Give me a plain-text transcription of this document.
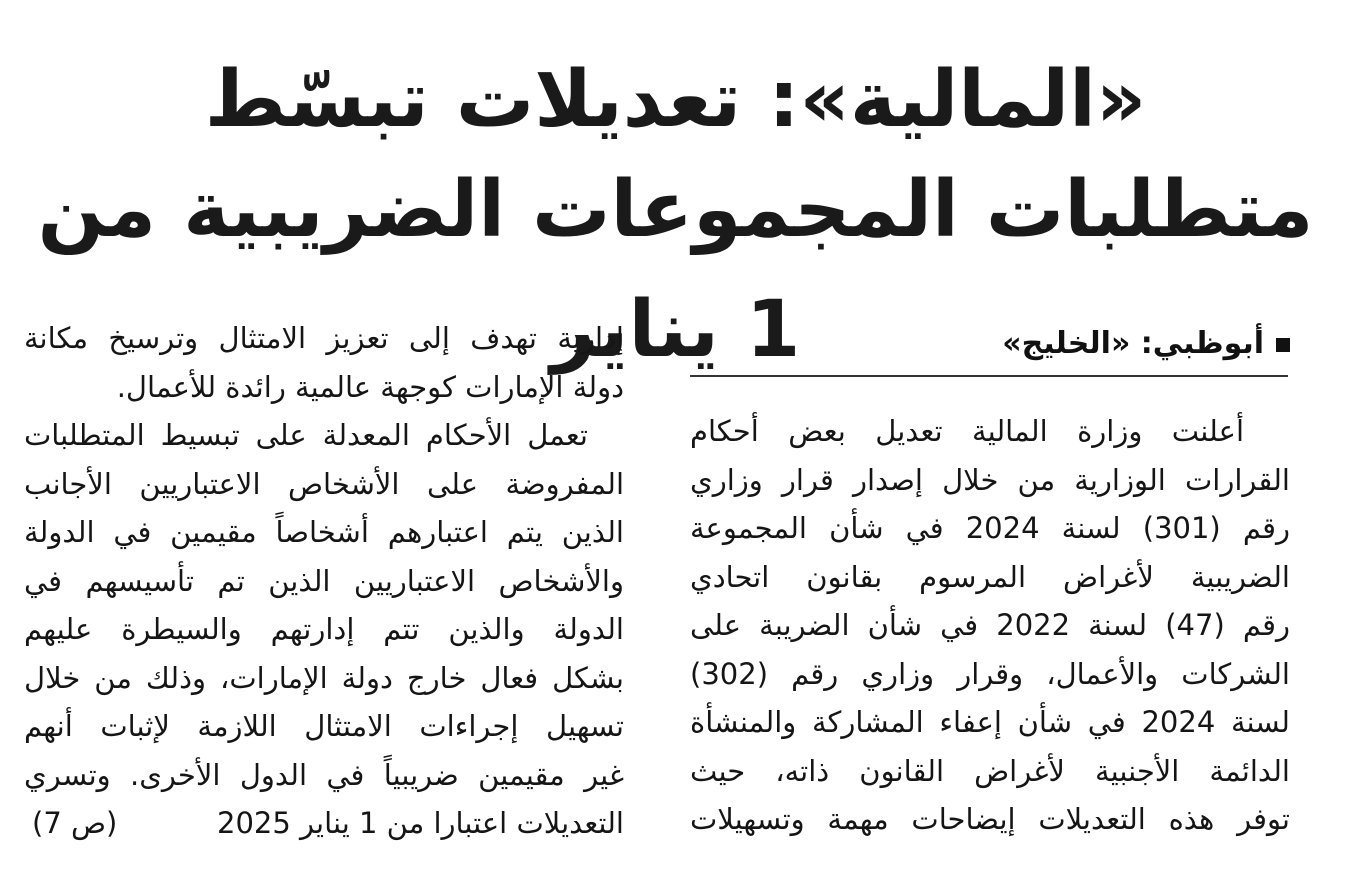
«المالية»: تعديلات تبسّط
متطلبات المجموعات الضريبية من 1 يناير	أبوظبي: «الخليج»
أعلنت وزارة المالية تعديل بعض أحكام
القرارات الوزارية من خلال إصدار قرار وزاري
رقم (301) لسنة 2024 في شأن المجموعة
الضريبية لأغراض المرسوم بقانون اتحادي
رقم (47) لسنة 2022 في شأن الضريبة على
الشركات والأعمال، وقرار وزاري رقم (302)
لسنة 2024 في شأن إعفاء المشاركة والمنشأة
الدائمة الأجنبية لأغراض القانون ذاته، حيث
توفر هذه التعديلات إيضاحات مهمة وتسهيلات
إدارية تهدف إلى تعزيز الامتثال وترسيخ مكانة
دولة الإمارات كوجهة عالمية رائدة للأعمال.
تعمل الأحكام المعدلة على تبسيط المتطلبات
المفروضة على الأشخاص الاعتباريين الأجانب
الذين يتم اعتبارهم أشخاصاً مقيمين في الدولة
والأشخاص الاعتباريين الذين تم تأسيسهم في
الدولة والذين تتم إدارتهم والسيطرة عليهم
بشكل فعال خارج دولة الإمارات، وذلك من خلال
تسهيل إجراءات الامتثال اللازمة لإثبات أنهم
غير مقيمين ضريبياً في الدول الأخرى. وتسري
التعديلات اعتبارا من 1 يناير 2025
(ص 7)
